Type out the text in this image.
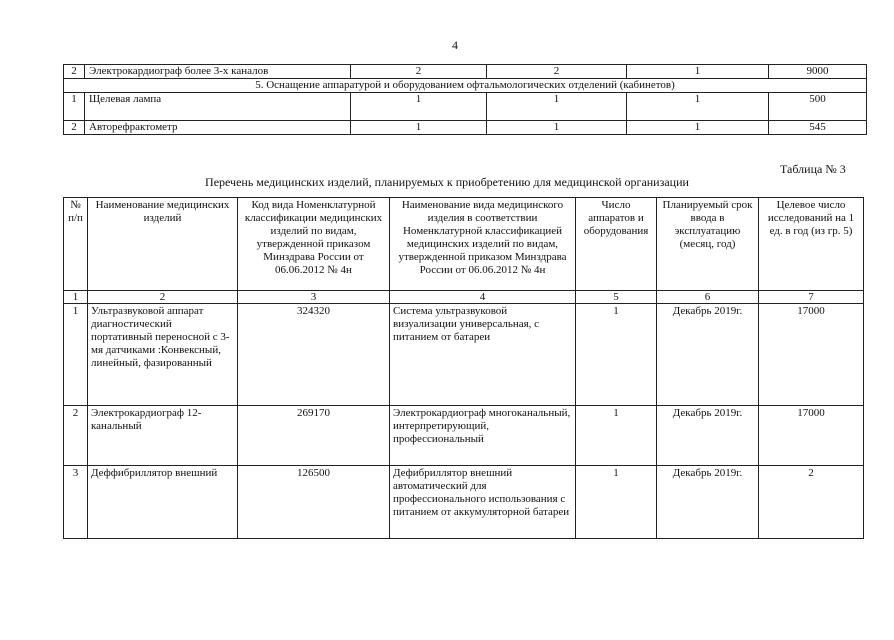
4
2	Электрокардиограф более 3-х каналов	2	2	1	9000
5. Оснащение аппаратурой и оборудованием офтальмологических отделений (кабинетов)					
1	Щелевая лампа	1	1	1	500
2	Авторефрактометр	1	1	1	545
Таблица № 3
Перечень медицинских изделий, планируемых к приобретению для медицинской организации
№ п/п	Наименование медицинских изделий	Код вида Номенклатурной классификации медицинских изделий по видам, утвержденной приказом Минздрава России от 06.06.2012 № 4н	Наименование вида медицинского изделия в соответствии Номенклатурной классификацией медицинских изделий по видам, утвержденной приказом Минздрава России от 06.06.2012 № 4н	Число аппаратов и оборудования	Планируемый срок ввода в эксплуатацию (месяц, год)	Целевое число исследований на 1 ед. в год (из гр. 5)
1	2	3	4	5	6	7
1	Ультразвуковой аппарат диагностический портативный переносной с 3-мя датчиками :Конвексный, линейный, фазированный	324320	Система ультразвуковой визуализации универсальная, с питанием от батареи	1	Декабрь 2019г.	17000
2	Электрокардиограф 12-канальный	269170	Электрокардиограф многоканальный, интерпретирующий, профессиональный	1	Декабрь 2019г.	17000
3	Деффибриллятор внешний	126500	Дефибриллятор внешний автоматический для профессионального использования с питанием от аккумуляторной батареи	1	Декабрь 2019г.	2
